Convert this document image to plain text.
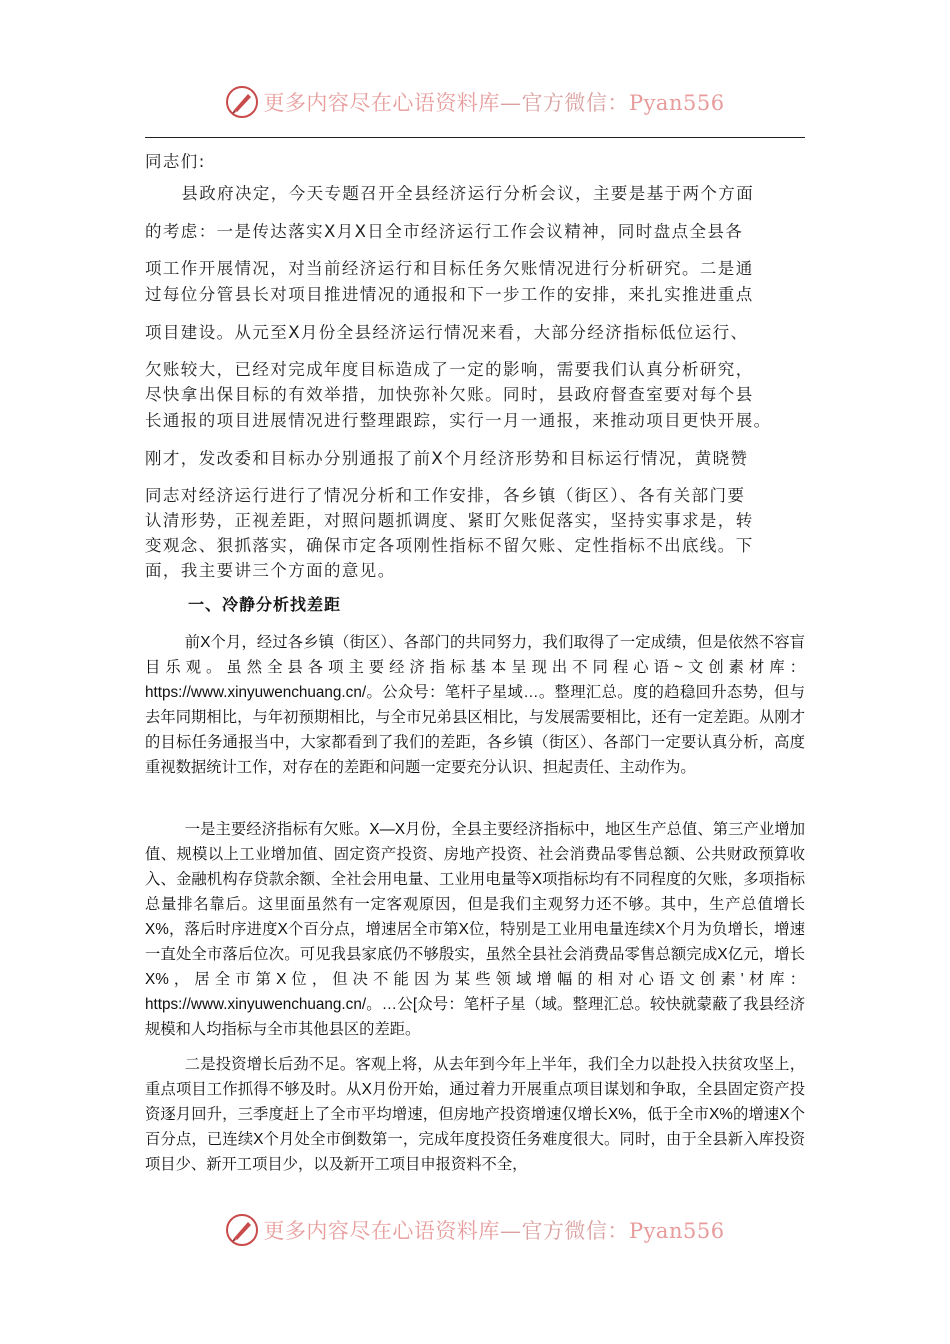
更多内容尽在心语资料库—官方微信：Pyan556

同志们:

县政府决定，今天专题召开全县经济运行分析会议，主要是基于两个方面
的考虑：一是传达落实X月X日全市经济运行工作会议精神，同时盘点全县各
项工作开展情况，对当前经济运行和目标任务欠账情况进行分析研究。二是通
过每位分管县长对项目推进情况的通报和下一步工作的安排，来扎实推进重点
项目建设。从元至X月份全县经济运行情况来看，大部分经济指标低位运行、
欠账较大，已经对完成年度目标造成了一定的影响，需要我们认真分析研究，
尽快拿出保目标的有效举措，加快弥补欠账。同时，县政府督查室要对每个县
长通报的项目进展情况进行整理跟踪，实行一月一通报，来推动项目更快开展。
刚才，发改委和目标办分别通报了前X个月经济形势和目标运行情况，黄晓赞
同志对经济运行进行了情况分析和工作安排，各乡镇（街区）、各有关部门要
认清形势，正视差距，对照问题抓调度、紧盯欠账促落实，坚持实事求是，转
变观念、狠抓落实，确保市定各项刚性指标不留欠账、定性指标不出底线。下
面，我主要讲三个方面的意见。
一、冷静分析找差距

前X个月，经过各乡镇（街区）、各部门的共同努力，我们取得了一定成绩，但是依然不容盲目乐观。虽然全县各项主要经济指标基本呈现出不同程心语~文创素材库：https://www.xinyuwenchuang.cn/。公众号：笔杆子星域…。整理汇总。度的趋稳回升态势，但与去年同期相比，与年初预期相比，与全市兄弟县区相比，与发展需要相比，还有一定差距。从刚才的目标任务通报当中，大家都看到了我们的差距，各乡镇（街区）、各部门一定要认真分析，高度重视数据统计工作，对存在的差距和问题一定要充分认识、担起责任、主动作为。

一是主要经济指标有欠账。X—X月份，全县主要经济指标中，地区生产总值、第三产业增加值、规模以上工业增加值、固定资产投资、房地产投资、社会消费品零售总额、公共财政预算收入、金融机构存贷款余额、全社会用电量、工业用电量等X项指标均有不同程度的欠账，多项指标总量排名靠后。这里面虽然有一定客观原因，但是我们主观努力还不够。其中，生产总值增长X%，落后时序进度X个百分点，增速居全市第X位，特别是工业用电量连续X个月为负增长，增速一直处全市落后位次。可见我县家底仍不够殷实，虽然全县社会消费品零售总额完成X亿元，增长X%，居全市第X位，但决不能因为某些领域增幅的相对心语文创素'材库：https://www.xinyuwenchuang.cn/。…公[众号：笔杆子星（域。整理汇总。较快就蒙蔽了我县经济规模和人均指标与全市其他县区的差距。

二是投资增长后劲不足。客观上将，从去年到今年上半年，我们全力以赴投入扶贫攻坚上，重点项目工作抓得不够及时。从X月份开始，通过着力开展重点项目谋划和争取，全县固定资产投资逐月回升，三季度赶上了全市平均增速，但房地产投资增速仅增长X%，低于全市X%的增速X个百分点，已连续X个月处全市倒数第一，完成年度投资任务难度很大。同时，由于全县新入库投资项目少、新开工项目少，以及新开工项目申报资料不全，

更多内容尽在心语资料库—官方微信：Pyan556
